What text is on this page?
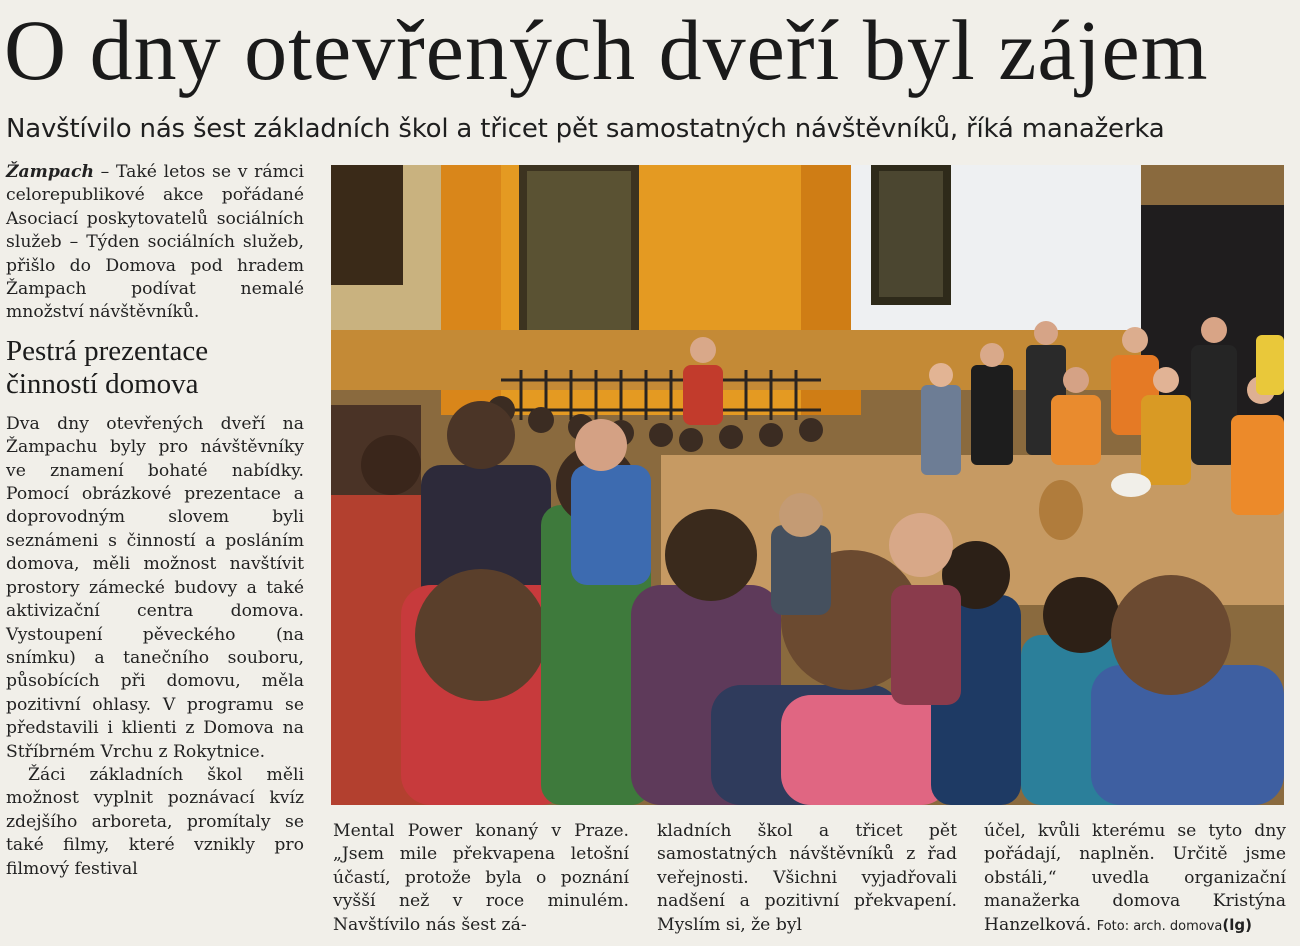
O dny otevřených dveří byl zájem
Navštívilo nás šest základních škol a třicet pět samostatných návštěvníků, říká manažerka

Žampach – Také letos se v rámci celorepublikové akce pořádané Asociací poskytovatelů sociálních služeb – Týden sociálních služeb, přišlo do Domova pod hradem Žampach podívat nemalé množství návštěvníků.

Pestrá prezentace činností domova

Dva dny otevřených dveří na Žampachu byly pro návštěvníky ve znamení bohaté nabídky. Pomocí obrázkové prezentace a doprovodným slovem byli seznámeni s činností a posláním domova, měli možnost navštívit prostory zámecké budovy a také aktivizační centra domova. Vystoupení pěveckého (na snímku) a tanečního souboru, působících při domovu, měla pozitivní ohlasy. V programu se představili i klienti z Domova na Stříbrném Vrchu z Rokytnice.

Žáci základních škol měli možnost vyplnit poznávací kvíz zdejšího arboreta, promítaly se také filmy, které vznikly pro filmový festival

Mental Power konaný v Praze. „Jsem mile překvapena letošní účastí, protože byla o poznání vyšší než v roce minulém. Navštívilo nás šest zá-

kladních škol a třicet pět samostatných návštěvníků z řad veřejnosti. Všichni vyjadřovali nadšení a pozitivní překvapení. Myslím si, že byl

účel, kvůli kterému se tyto dny pořádají, naplněn. Určitě jsme obstáli,“ uvedla organizační manažerka domova Kristýna Hanzelková. Foto: arch. domova(lg)
